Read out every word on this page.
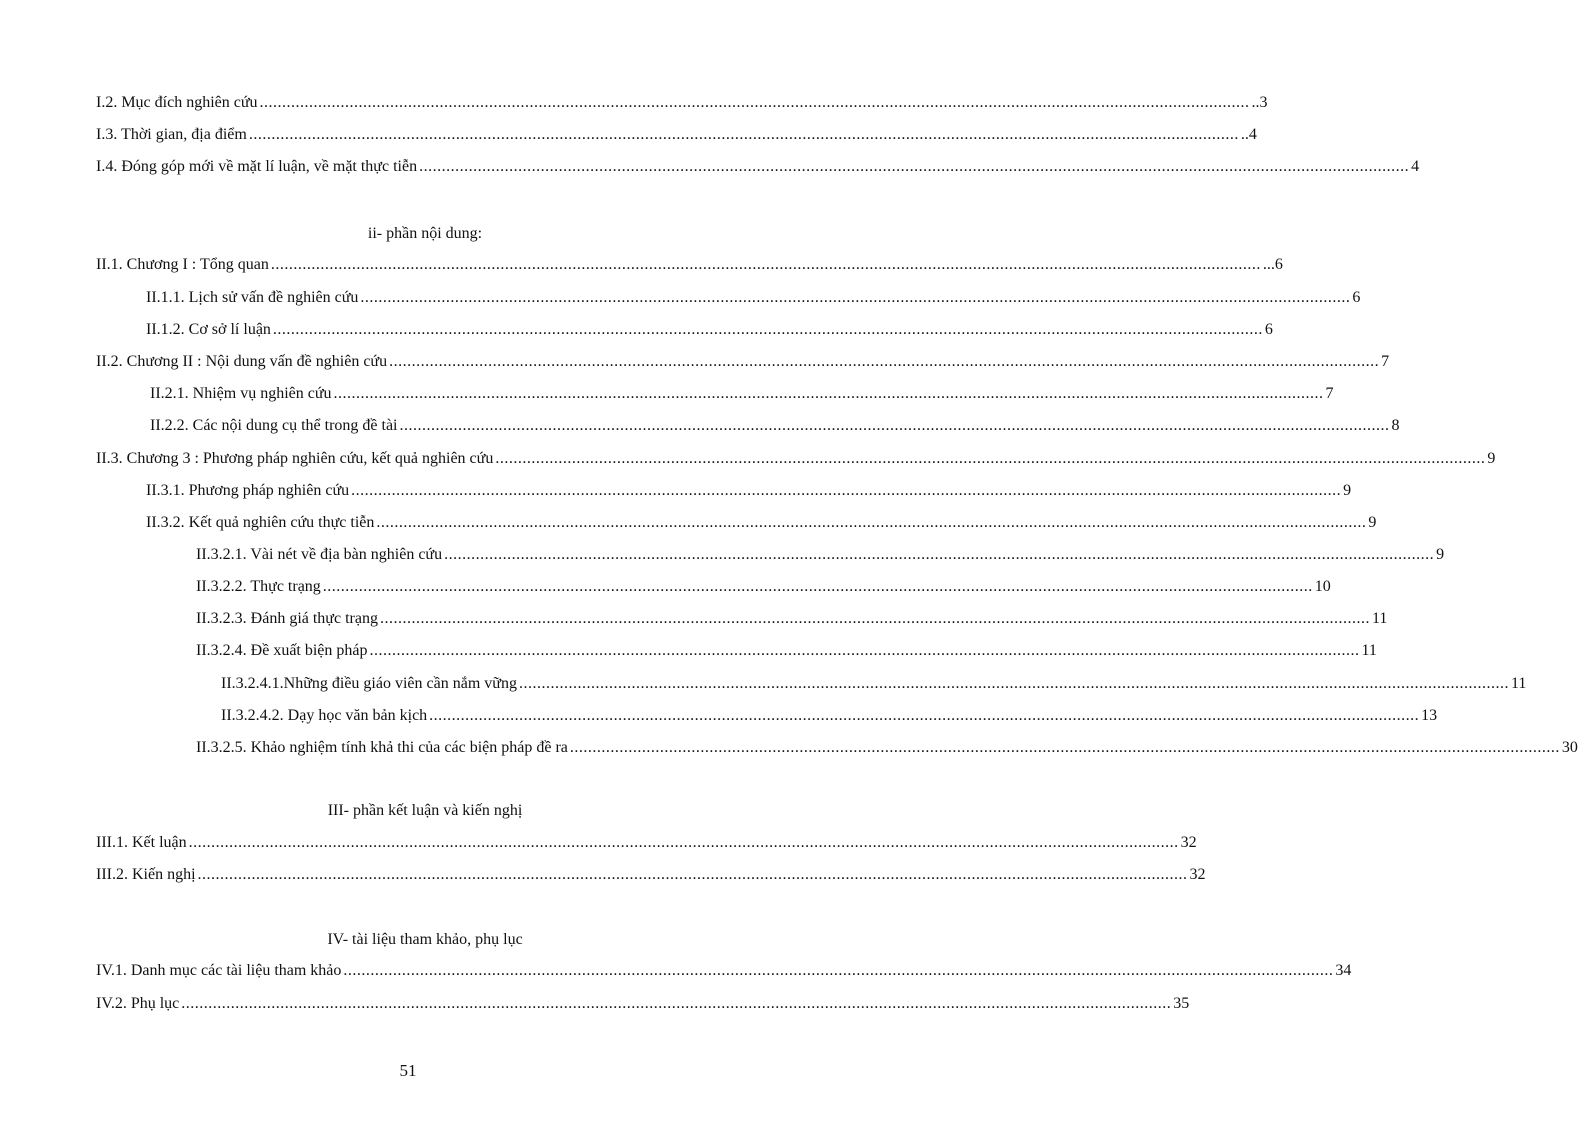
I.2. Mục đích nghiên cứu ............................................................................................................................................................................................................................ ..3
I.3. Thời gian, địa điểm ............................................................................................................................................................................................................................ ..4
I.4. Đóng góp mới về mặt lí luận, về mặt thực tiễn ............................................................................................................................................................................................................................ 4
ii- phần nội dung:
II.1. Chương I : Tổng quan ............................................................................................................................................................................................................................ ...6
II.1.1. Lịch sử vấn đề nghiên cứu ............................................................................................................................................................................................................................ 6
II.1.2. Cơ sở lí luận ............................................................................................................................................................................................................................ 6
II.2. Chương II : Nội dung vấn đề nghiên cứu ............................................................................................................................................................................................................................ 7
II.2.1. Nhiệm vụ nghiên cứu ............................................................................................................................................................................................................................ 7
II.2.2. Các nội dung cụ thể trong đề tài ............................................................................................................................................................................................................................ 8
II.3. Chương 3 : Phương pháp nghiên cứu, kết quả nghiên cứu ............................................................................................................................................................................................................................ 9
II.3.1. Phương pháp nghiên cứu ............................................................................................................................................................................................................................ 9
II.3.2. Kết quả nghiên cứu thực tiễn ............................................................................................................................................................................................................................ 9
II.3.2.1. Vài nét về địa bàn nghiên cứu ............................................................................................................................................................................................................................ 9
II.3.2.2. Thực trạng ............................................................................................................................................................................................................................ 10
II.3.2.3. Đánh giá thực trạng ............................................................................................................................................................................................................................ 11
II.3.2.4. Đề xuất biện pháp ............................................................................................................................................................................................................................ 11
II.3.2.4.1.Những điều giáo viên cần nắm vững ............................................................................................................................................................................................................................ 11
II.3.2.4.2. Dạy học văn bản kịch ............................................................................................................................................................................................................................ 13
II.3.2.5. Khảo nghiệm tính khả thi của các biện pháp đề ra ............................................................................................................................................................................................................................ 30
III- phần kết luận và kiến nghị
III.1. Kết luận ............................................................................................................................................................................................................................ 32
III.2. Kiến nghị ............................................................................................................................................................................................................................ 32
IV- tài liệu tham khảo, phụ lục
IV.1. Danh mục các tài liệu tham khảo ............................................................................................................................................................................................................................ 34
IV.2. Phụ lục ............................................................................................................................................................................................................................ 35
51
